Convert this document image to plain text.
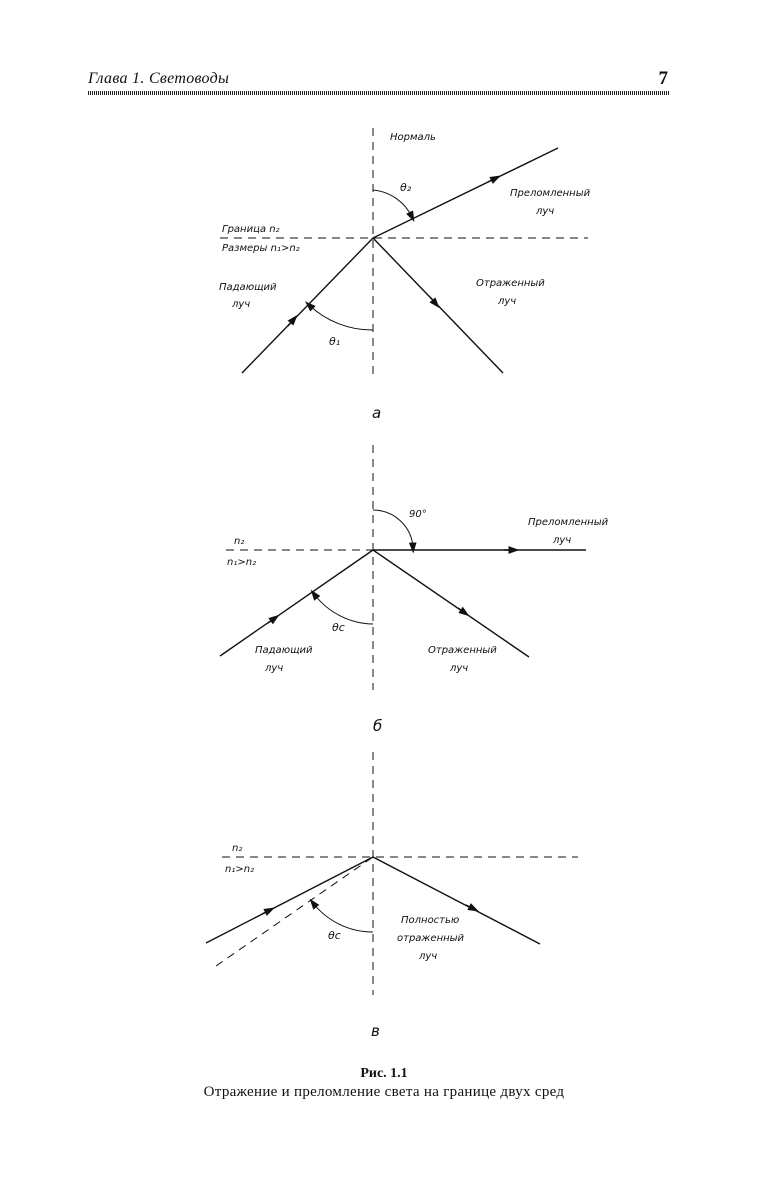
Глава 1. Световоды	7
Нормаль
θ₂	Преломленный
луч
Граница n₂
Размеры n₁>n₂
Падающий
луч
Отраженный
луч
θ₁
а
90°
Преломленный
луч
n₂
n₁>n₂
θc
Падающий
луч
Отраженный
луч
б
n₂
n₁>n₂
θc
Полностью
отраженный
луч
в
Рис. 1.1
Отражение и преломление света на границе двух сред
